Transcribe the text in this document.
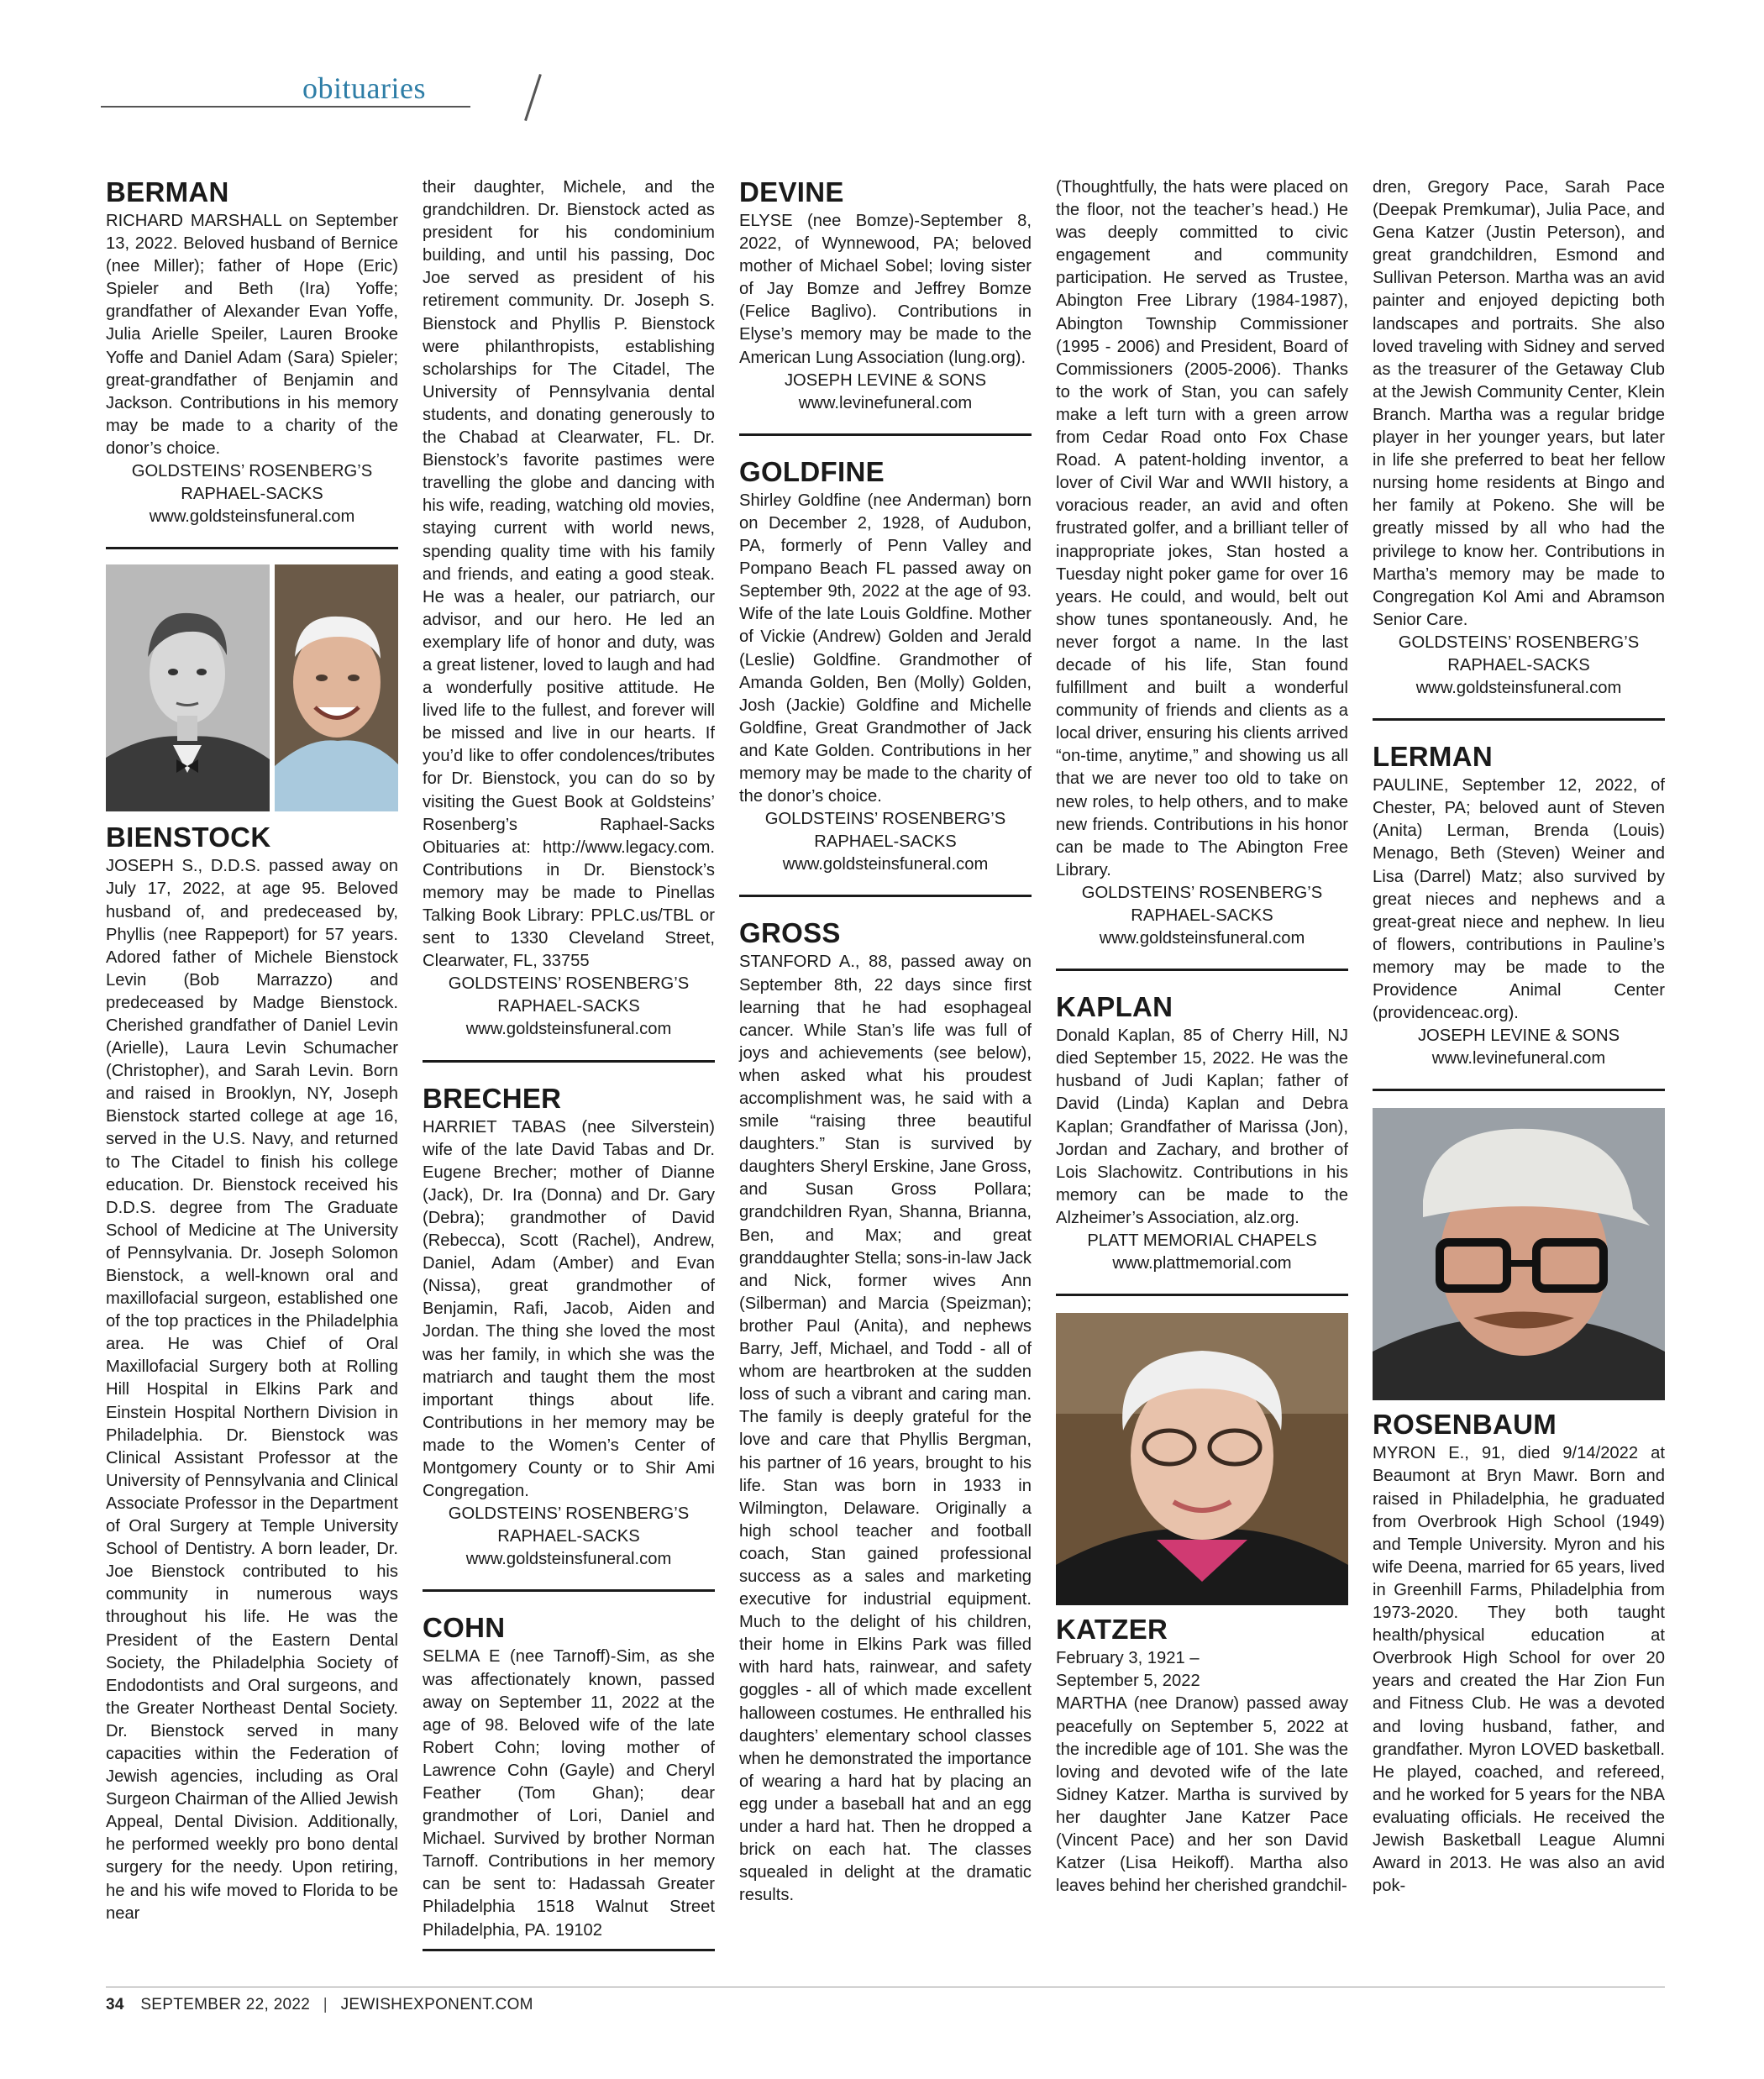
obituaries
BERMAN

RICHARD MARSHALL on September 13, 2022. Beloved husband of Bernice (nee Miller); father of Hope (Eric) Spieler and Beth (Ira) Yoffe; grandfather of Alexander Evan Yoffe, Julia Arielle Speiler, Lauren Brooke Yoffe and Daniel Adam (Sara) Spieler; great-grandfather of Benjamin and Jackson. Contributions in his memory may be made to a charity of the donor’s choice.

GOLDSTEINS’ ROSENBERG’S

RAPHAEL-SACKS

www.goldsteinsfuneral.com

BIENSTOCK

JOSEPH S., D.D.S. passed away on July 17, 2022, at age 95. Beloved husband of, and predeceased by, Phyllis (nee Rappeport) for 57 years. Adored father of Michele Bienstock Levin (Bob Marrazzo) and predeceased by Madge Bienstock. Cherished grandfather of Daniel Levin (Arielle), Laura Levin Schumacher (Christopher), and Sarah Levin. Born and raised in Brooklyn, NY, Joseph Bienstock started college at age 16, served in the U.S. Navy, and returned to The Citadel to finish his college education. Dr. Bienstock received his D.D.S. degree from The Graduate School of Medicine at The University of Pennsylvania. Dr. Joseph Solomon Bienstock, a well-known oral and maxillofacial surgeon, established one of the top practices in the Philadelphia area. He was Chief of Oral Maxillofacial Surgery both at Rolling Hill Hospital in Elkins Park and Einstein Hospital Northern Division in Philadelphia. Dr. Bienstock was Clinical Assistant Professor at the University of Pennsylvania and Clinical Associate Professor in the Department of Oral Surgery at Temple University School of Dentistry. A born leader, Dr. Joe Bienstock contributed to his community in numerous ways throughout his life. He was the President of the Eastern Dental Society, the Philadelphia Society of Endodontists and Oral surgeons, and the Greater Northeast Dental Society. Dr. Bienstock served in many capacities within the Federation of Jewish agencies, including as Oral Surgeon Chairman of the Allied Jewish Appeal, Dental Division. Additionally, he performed weekly pro bono dental surgery for the needy. Upon retiring, he and his wife moved to Florida to be near

their daughter, Michele, and the grandchildren. Dr. Bienstock acted as president for his condominium building, and until his passing, Doc Joe served as president of his retirement community. Dr. Joseph S. Bienstock and Phyllis P. Bienstock were philanthropists, establishing scholarships for The Citadel, The University of Pennsylvania dental students, and donating generously to the Chabad at Clearwater, FL. Dr. Bienstock’s favorite pastimes were travelling the globe and dancing with his wife, reading, watching old movies, staying current with world news, spending quality time with his family and friends, and eating a good steak. He was a healer, our patriarch, our advisor, and our hero. He led an exemplary life of honor and duty, was a great listener, loved to laugh and had a wonderfully positive attitude. He lived life to the fullest, and forever will be missed and live in our hearts. If you’d like to offer condolences/tributes for Dr. Bienstock, you can do so by visiting the Guest Book at Goldsteins’ Rosenberg’s Raphael-Sacks Obituaries at: http://www.legacy.com. Contributions in Dr. Bienstock’s memory may be made to Pinellas Talking Book Library: PPLC.us/TBL or sent to 1330 Cleveland Street, Clearwater, FL, 33755

GOLDSTEINS’ ROSENBERG’S

RAPHAEL-SACKS

www.goldsteinsfuneral.com

BRECHER

HARRIET TABAS (nee Silverstein) wife of the late David Tabas and Dr. Eugene Brecher; mother of Dianne (Jack), Dr. Ira (Donna) and Dr. Gary (Debra); grandmother of David (Rebecca), Scott (Rachel), Andrew, Daniel, Adam (Amber) and Evan (Nissa), great grandmother of Benjamin, Rafi, Jacob, Aiden and Jordan. The thing she loved the most was her family, in which she was the matriarch and taught them the most important things about life. Contributions in her memory may be made to the Women’s Center of Montgomery County or to Shir Ami Congregation.

GOLDSTEINS’ ROSENBERG’S

RAPHAEL-SACKS

www.goldsteinsfuneral.com

COHN

SELMA E (nee Tarnoff)-Sim, as she was affectionately known, passed away on September 11, 2022 at the age of 98. Beloved wife of the late Robert Cohn; loving mother of Lawrence Cohn (Gayle) and Cheryl Feather (Tom Ghan); dear grandmother of Lori, Daniel and Michael. Survived by brother Norman Tarnoff. Contributions in her memory can be sent to: Hadassah Greater Philadelphia 1518 Walnut Street Philadelphia, PA. 19102

DEVINE

ELYSE (nee Bomze)-September 8, 2022, of Wynnewood, PA; beloved mother of Michael Sobel; loving sister of Jay Bomze and Jeffrey Bomze (Felice Baglivo). Contributions in Elyse’s memory may be made to the American Lung Association (lung.org).

JOSEPH LEVINE & SONS

www.levinefuneral.com

GOLDFINE

Shirley Goldfine (nee Anderman) born on December 2, 1928, of Audubon, PA, formerly of Penn Valley and Pompano Beach FL passed away on September 9th, 2022 at the age of 93. Wife of the late Louis Goldfine. Mother of Vickie (Andrew) Golden and Jerald (Leslie) Goldfine. Grandmother of Amanda Golden, Ben (Molly) Golden, Josh (Jackie) Goldfine and Michelle Goldfine, Great Grandmother of Jack and Kate Golden. Contributions in her memory may be made to the charity of the donor’s choice.

GOLDSTEINS’ ROSENBERG’S

RAPHAEL-SACKS

www.goldsteinsfuneral.com

GROSS

STANFORD A., 88, passed away on September 8th, 22 days since first learning that he had esophageal cancer. While Stan’s life was full of joys and achievements (see below), when asked what his proudest accomplishment was, he said with a smile “raising three beautiful daughters.” Stan is survived by daughters Sheryl Erskine, Jane Gross, and Susan Gross Pollara; grandchildren Ryan, Shanna, Brianna, Ben, and Max; and great granddaughter Stella; sons-in-law Jack and Nick, former wives Ann (Silberman) and Marcia (Speizman); brother Paul (Anita), and nephews Barry, Jeff, Michael, and Todd - all of whom are heartbroken at the sudden loss of such a vibrant and caring man. The family is deeply grateful for the love and care that Phyllis Bergman, his partner of 16 years, brought to his life. Stan was born in 1933 in Wilmington, Delaware. Originally a high school teacher and football coach, Stan gained professional success as a sales and marketing executive for industrial equipment. Much to the delight of his children, their home in Elkins Park was filled with hard hats, rainwear, and safety goggles - all of which made excellent halloween costumes. He enthralled his daughters’ elementary school classes when he demonstrated the importance of wearing a hard hat by placing an egg under a baseball hat and an egg under a hard hat. Then he dropped a brick on each hat. The classes squealed in delight at the dramatic results.

(Thoughtfully, the hats were placed on the floor, not the teacher’s head.) He was deeply committed to civic engagement and community participation. He served as Trustee, Abington Free Library (1984-1987), Abington Township Commissioner (1995 - 2006) and President, Board of Commissioners (2005-2006). Thanks to the work of Stan, you can safely make a left turn with a green arrow from Cedar Road onto Fox Chase Road. A patent-holding inventor, a lover of Civil War and WWII history, a voracious reader, an avid and often frustrated golfer, and a brilliant teller of inappropriate jokes, Stan hosted a Tuesday night poker game for over 16 years. He could, and would, belt out show tunes spontaneously. And, he never forgot a name. In the last decade of his life, Stan found fulfillment and built a wonderful community of friends and clients as a local driver, ensuring his clients arrived “on-time, anytime,” and showing us all that we are never too old to take on new roles, to help others, and to make new friends. Contributions in his honor can be made to The Abington Free Library.

GOLDSTEINS’ ROSENBERG’S

RAPHAEL-SACKS

www.goldsteinsfuneral.com

KAPLAN

Donald Kaplan, 85 of Cherry Hill, NJ died September 15, 2022. He was the husband of Judi Kaplan; father of David (Linda) Kaplan and Debra Kaplan; Grandfather of Marissa (Jon), Jordan and Zachary, and brother of Lois Slachowitz. Contributions in his memory can be made to the Alzheimer’s Association, alz.org.

PLATT MEMORIAL CHAPELS

www.plattmemorial.com

KATZER

February 3, 1921 –

September 5, 2022

MARTHA (nee Dranow) passed away peacefully on September 5, 2022 at the incredible age of 101. She was the loving and devoted wife of the late Sidney Katzer. Martha is survived by her daughter Jane Katzer Pace (Vincent Pace) and her son David Katzer (Lisa Heikoff). Martha also leaves behind her cherished grandchil-

dren, Gregory Pace, Sarah Pace (Deepak Premkumar), Julia Pace, and Gena Katzer (Justin Peterson), and great grandchildren, Esmond and Sullivan Peterson. Martha was an avid painter and enjoyed depicting both landscapes and portraits. She also loved traveling with Sidney and served as the treasurer of the Getaway Club at the Jewish Community Center, Klein Branch. Martha was a regular bridge player in her younger years, but later in life she preferred to beat her fellow nursing home residents at Bingo and her family at Pokeno. She will be greatly missed by all who had the privilege to know her. Contributions in Martha’s memory may be made to Congregation Kol Ami and Abramson Senior Care.

GOLDSTEINS’ ROSENBERG’S

RAPHAEL-SACKS

www.goldsteinsfuneral.com

LERMAN

PAULINE, September 12, 2022, of Chester, PA; beloved aunt of Steven (Anita) Lerman, Brenda (Louis) Menago, Beth (Steven) Weiner and Lisa (Darrel) Matz; also survived by great nieces and nephews and a great-great niece and nephew. In lieu of flowers, contributions in Pauline’s memory may be made to the Providence Animal Center (providenceac.org).

JOSEPH LEVINE & SONS

www.levinefuneral.com

ROSENBAUM

MYRON E., 91, died 9/14/2022 at Beaumont at Bryn Mawr. Born and raised in Philadelphia, he graduated from Overbrook High School (1949) and Temple University. Myron and his wife Deena, married for 65 years, lived in Greenhill Farms, Philadelphia from 1973-2020. They both taught health/physical education at Overbrook High School for over 20 years and created the Har Zion Fun and Fitness Club. He was a devoted and loving husband, father, and grandfather. Myron LOVED basketball. He played, coached, and refereed, and he worked for 5 years for the NBA evaluating officials. He received the Jewish Basketball League Alumni Award in 2013. He was also an avid pok-

34 SEPTEMBER 22, 2022 | JEWISHEXPONENT.COM
